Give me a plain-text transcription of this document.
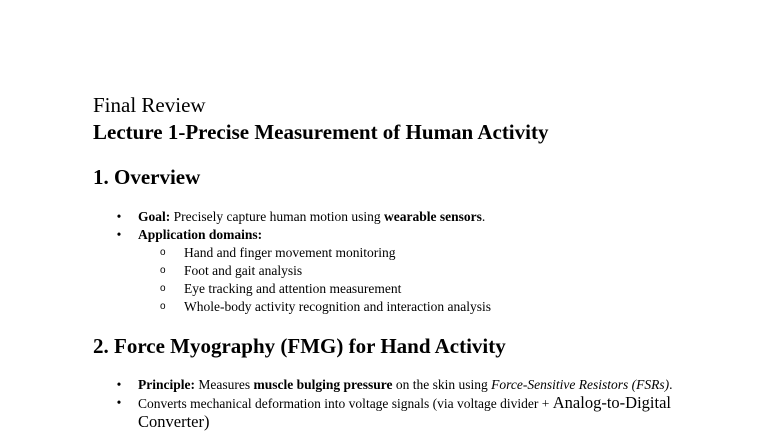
Final Review
Lecture 1-Precise Measurement of Human Activity
1. Overview
• Goal: Precisely capture human motion using wearable sensors.
• Application domains:
o Hand and finger movement monitoring
o Foot and gait analysis
o Eye tracking and attention measurement
o Whole-body activity recognition and interaction analysis
2. Force Myography (FMG) for Hand Activity
• Principle: Measures muscle bulging pressure on the skin using Force-Sensitive Resistors (FSRs).
• Converts mechanical deformation into voltage signals (via voltage divider + Analog-to-Digital Converter)
